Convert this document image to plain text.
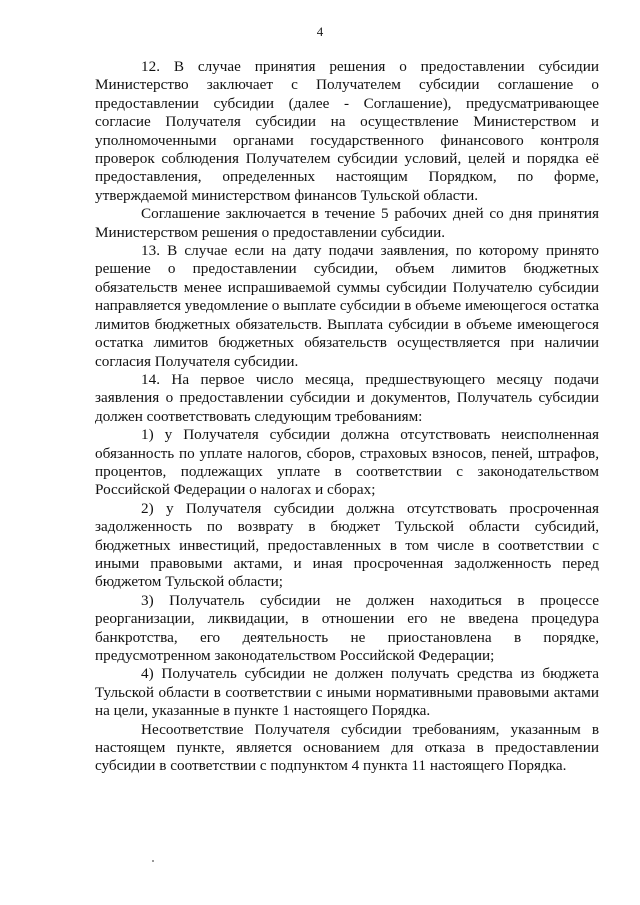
4

12. В случае принятия решения о предоставлении субсидии Министерство заключает с Получателем субсидии соглашение о предоставлении субсидии (далее - Соглашение), предусматривающее согласие Получателя субсидии на осуществление Министерством и уполномоченными органами государственного финансового контроля проверок соблюдения Получателем субсидии условий, целей и порядка её предоставления, определенных настоящим Порядком, по форме, утверждаемой министерством финансов Тульской области.

Соглашение заключается в течение 5 рабочих дней со дня принятия Министерством решения о предоставлении субсидии.

13. В случае если на дату подачи заявления, по которому принято решение о предоставлении субсидии, объем лимитов бюджетных обязательств менее испрашиваемой суммы субсидии Получателю субсидии направляется уведомление о выплате субсидии в объеме имеющегося остатка лимитов бюджетных обязательств. Выплата субсидии в объеме имеющегося остатка лимитов бюджетных обязательств осуществляется при наличии согласия Получателя субсидии.

14. На первое число месяца, предшествующего месяцу подачи заявления о предоставлении субсидии и документов, Получатель субсидии должен соответствовать следующим требованиям:

1) у Получателя субсидии должна отсутствовать неисполненная обязанность по уплате налогов, сборов, страховых взносов, пеней, штрафов, процентов, подлежащих уплате в соответствии с законодательством Российской Федерации о налогах и сборах;

2) у Получателя субсидии должна отсутствовать просроченная задолженность по возврату в бюджет Тульской области субсидий, бюджетных инвестиций, предоставленных в том числе в соответствии с иными правовыми актами, и иная просроченная задолженность перед бюджетом Тульской области;

3) Получатель субсидии не должен находиться в процессе реорганизации, ликвидации, в отношении его не введена процедура банкротства, его деятельность не приостановлена в порядке, предусмотренном законодательством Российской Федерации;

4) Получатель субсидии не должен получать средства из бюджета Тульской области в соответствии с иными нормативными правовыми актами на цели, указанные в пункте 1 настоящего Порядка.

Несоответствие Получателя субсидии требованиям, указанным в настоящем пункте, является основанием для отказа в предоставлении субсидии в соответствии с подпунктом 4 пункта 11 настоящего Порядка.
